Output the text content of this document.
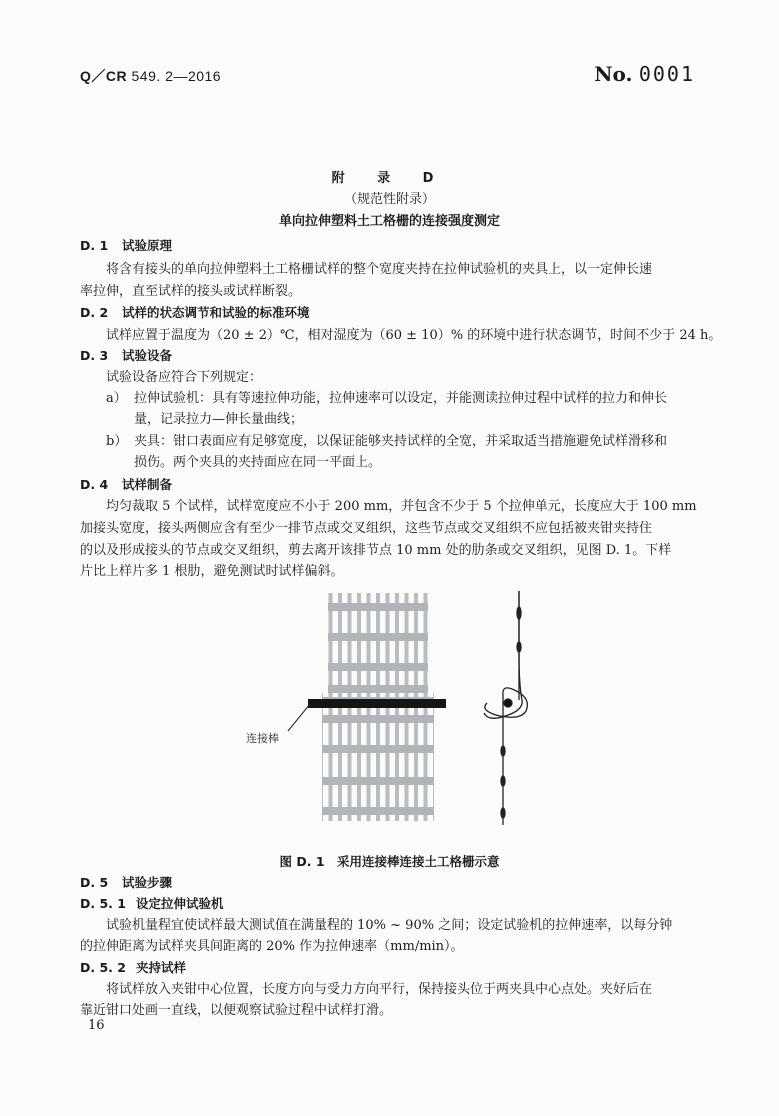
Q／CR 549. 2—2016	No. 0001
附 录 D
（规范性附录）
单向拉伸塑料土工格栅的连接强度测定
D. 1 试验原理
将含有接头的单向拉伸塑料土工格栅试样的整个宽度夹持在拉伸试验机的夹具上，以一定伸长速
率拉伸，直至试样的接头或试样断裂。
D. 2 试样的状态调节和试验的标准环境
试样应置于温度为（20 ± 2）℃，相对湿度为（60 ± 10）% 的环境中进行状态调节，时间不少于 24 h。
D. 3 试验设备
试验设备应符合下列规定：
a） 拉伸试验机：具有等速拉伸功能，拉伸速率可以设定，并能测读拉伸过程中试样的拉力和伸长
量，记录拉力—伸长量曲线；
b） 夹具：钳口表面应有足够宽度，以保证能够夹持试样的全宽，并采取适当措施避免试样滑移和
损伤。两个夹具的夹持面应在同一平面上。
D. 4 试样制备
均匀裁取 5 个试样，试样宽度应不小于 200 mm，并包含不少于 5 个拉伸单元，长度应大于 100 mm
加接头宽度，接头两侧应含有至少一排节点或交叉组织，这些节点或交叉组织不应包括被夹钳夹持住
的以及形成接头的节点或交叉组织，剪去离开该排节点 10 mm 处的肋条或交叉组织，见图 D. 1。下样
片比上样片多 1 根肋，避免测试时试样偏斜。
连接棒
图 D. 1　采用连接棒连接土工格栅示意
D. 5 试验步骤
D. 5. 1 设定拉伸试验机
试验机量程宜使试样最大测试值在满量程的 10% ~ 90% 之间；设定试验机的拉伸速率，以每分钟
的拉伸距离为试样夹具间距离的 20% 作为拉伸速率（mm/min）。
D. 5. 2 夹持试样
将试样放入夹钳中心位置，长度方向与受力方向平行，保持接头位于两夹具中心点处。夹好后在
靠近钳口处画一直线，以便观察试验过程中试样打滑。
16
